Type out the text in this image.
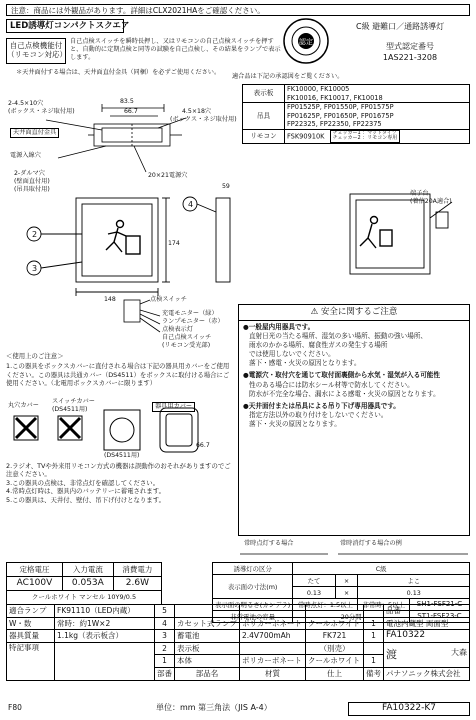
注意：商品には外観品があります。詳細はCLX2021HAをご確認ください。
LED誘導灯コンパクトスクエア
自己点検機能付
（リモコン対応）
自己点検スイッチを瞬時長押し、又はリモコンの自己点検スイッチを押すと、自動的に定期点検と同等の試験を自己点検し、その結果をランプで表示します。
＊天井面付する場合は、天井面直付金具（同梱）を必ずご使用ください。
認定
C級 避難口／通路誘導灯
型式認定番号
1AS221-3208
適合品は下記の承認図をご覧ください。
表示板	FK10000, FK10005
FK10016, FK10017, FK10018

吊具	FP01525P, FP01550P, FP01575P
FP01625P, FP01650P, FP01675P
FP22325, FP22350, FP22375

リモコン	FSK90910K チェッカー1 ：マットタイプ
チェッカー2 ：リモコン専用
2-4.5×10穴
(ボックス・ネジ取付用)
83.5
66.7	4.5×18穴
(ボックス・ネジ取付用)
天井面直付金具
電源入線穴
20×21電源穴
2-ダルマ穴
(壁面直付用)
(吊具取付用)
2
3
4
148
174
59
端子台
(着信20A適合)
点検スイッチ
充電モニター（緑）
ランプモニター（赤）
点検表示灯
自己点検スイッチ
(リモコン受光部)
⚠ 安全に関するご注意
●一般屋内用器具です。
直射日光の当たる場所、湿気の多い場所、振動の強い場所、
雨水のかかる場所、腐食性ガスの発生する場所
では使用しないでください。
落下・感電・火災の原因となります。
●電源穴・取付穴を通じて取付面裏側から水気・湿気が入る可能性
性のある場合には防水シール材等で防水してください。
防水が不完全な場合、漏水による感電・火災の原因となります。
●天井面付または吊具による吊り下げ専用器具です。
指定方法以外の取り付けをしないでください。
落下・火災の原因となります。
＜使用上のご注意＞
1.この器具をボックスカバーに直付される場合は下記の器具用カバーをご使用ください。この器具は共通カバー（DS4511）をボックスに取付ける場合にご使用ください。（北電用ボックスカバーに限ります）
丸穴カバー
スイッチカバー
(DS4511用)	器具用カバー
(DS4511用)
66.7
2.ラジオ、TVや外来用リモコン方式の機器は誤動作のおそれがありますのでご注意ください。
3.この器具の点検は、非常点灯を確認してください。
4.常時点灯時は、器具内のバッテリーに蓄電されます。
5.この器具は、天井付、壁付、吊下げ付けとなります。
常時点灯する場合	常時消灯する場合の例
定格電圧	入力電流	消費電力
AC100V	0.053A	2.6W
クールホワイト マンセル 10Y9/0.5		
誘導灯の区分	C級			
表示面の寸法(m)	たて	×	よこ	
	0.13	×	0.13	
表示面の明るさ(カンデラ)	常時点灯：1.5以上		非常時：5以上	SH1-FSF21-C
非常電池の容量	20分間			ST1-FSF23-C
適合ランプ	FK91110（LED内蔵）	5					品番
W・数	常時：約1W×2	4	カセット式ランプ	ポリカーボネート	クールホワイト	1	電池内蔵型 両面型
器具質量	1.1kg（表示板含）	3	蓄電池	2.4V700mAh	FK721	1	FA10322
特記事項		2	表示板		（別売）		渡 大森

		1	本体	ポリカーボネート	クールホワイト	1	
		部番	部品名	材質	仕上	備考	パナソニック株式会社
F80	単位：mm 第三角法（JIS A-4）	FA10322-K7
